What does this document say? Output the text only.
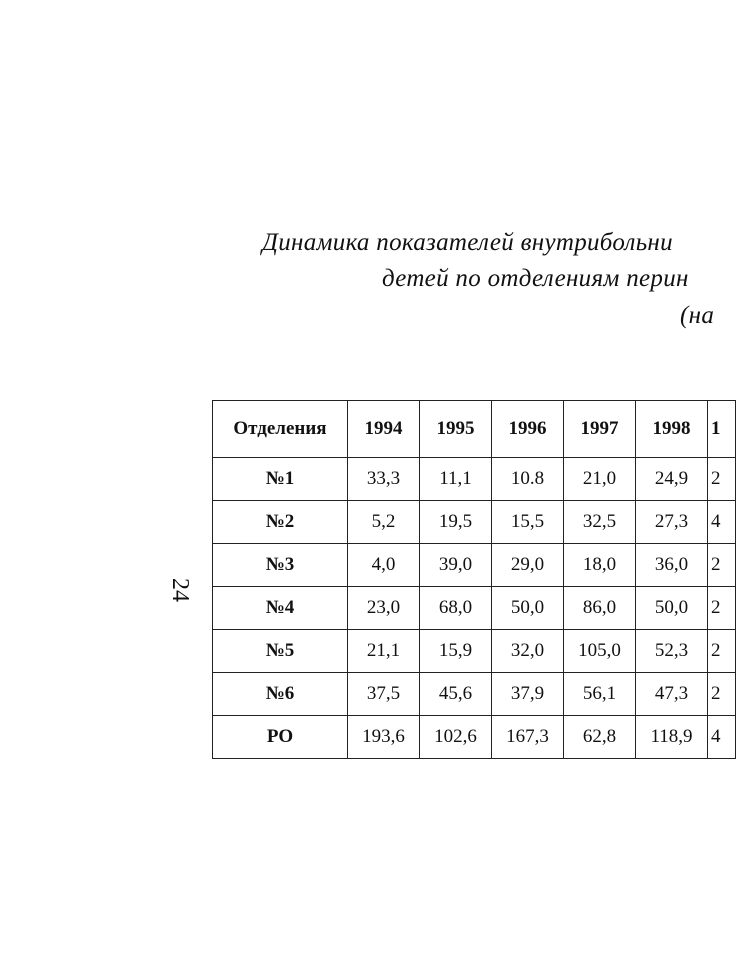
Динамика показателей внутрибольни
детей по отделениям перин
(на
24
Отделения	1994	1995	1996	1997	1998	1
№1	33,3	11,1	10.8	21,0	24,9	2
№2	5,2	19,5	15,5	32,5	27,3	4
№3	4,0	39,0	29,0	18,0	36,0	2
№4	23,0	68,0	50,0	86,0	50,0	2
№5	21,1	15,9	32,0	105,0	52,3	2
№6	37,5	45,6	37,9	56,1	47,3	2
РО	193,6	102,6	167,3	62,8	118,9	4
